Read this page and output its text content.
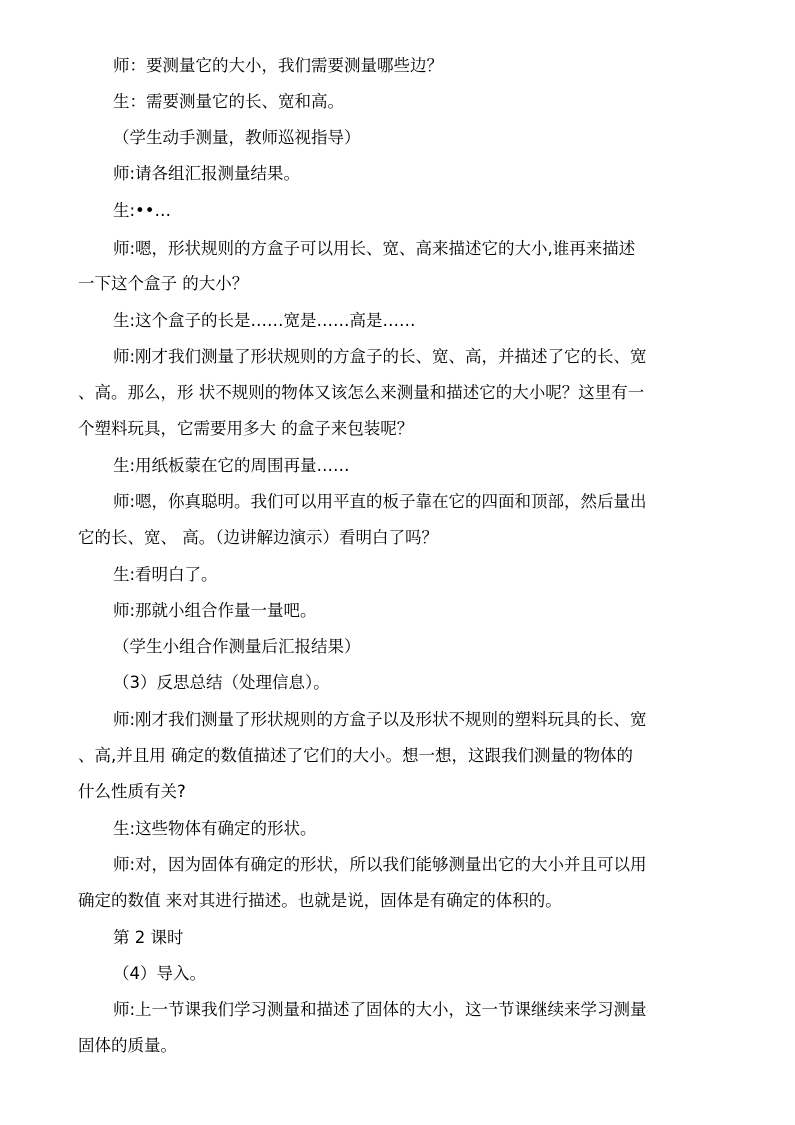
师：要测量它的大小，我们需要测量哪些边？
生：需要测量它的长、宽和高。
（学生动手测量，教师巡视指导）
师:请各组汇报测量结果。
生:••…
师:嗯，形状规则的方盒子可以用长、宽、高来描述它的大小,谁再来描述
一下这个盒子 的大小？
生:这个盒子的长是……宽是……高是……
师:刚才我们测量了形状规则的方盒子的长、宽、高，并描述了它的长、宽
、高。那么，形 状不规则的物体又该怎么来测量和描述它的大小呢？这里有一
个塑料玩具，它需要用多大 的盒子来包装呢？
生:用纸板蒙在它的周围再量……
师:嗯，你真聪明。我们可以用平直的板子靠在它的四面和顶部，然后量出
它的长、宽、 高。（边讲解边演示）看明白了吗？
生:看明白了。
师:那就小组合作量一量吧。
（学生小组合作测量后汇报结果）
（3）反思总结（处理信息）。
师:刚才我们测量了形状规则的方盒子以及形状不规则的塑料玩具的长、宽
、高,并且用 确定的数值描述了它们的大小。想一想，这跟我们测量的物体的
什么性质有关?
生:这些物体有确定的形状。
师:对，因为固体有确定的形状，所以我们能够测量出它的大小并且可以用
确定的数值 来对其进行描述。也就是说，固体是有确定的体积的。
第 2 课时
（4）导入。
师:上一节课我们学习测量和描述了固体的大小，这一节课继续来学习测量
固体的质量。
